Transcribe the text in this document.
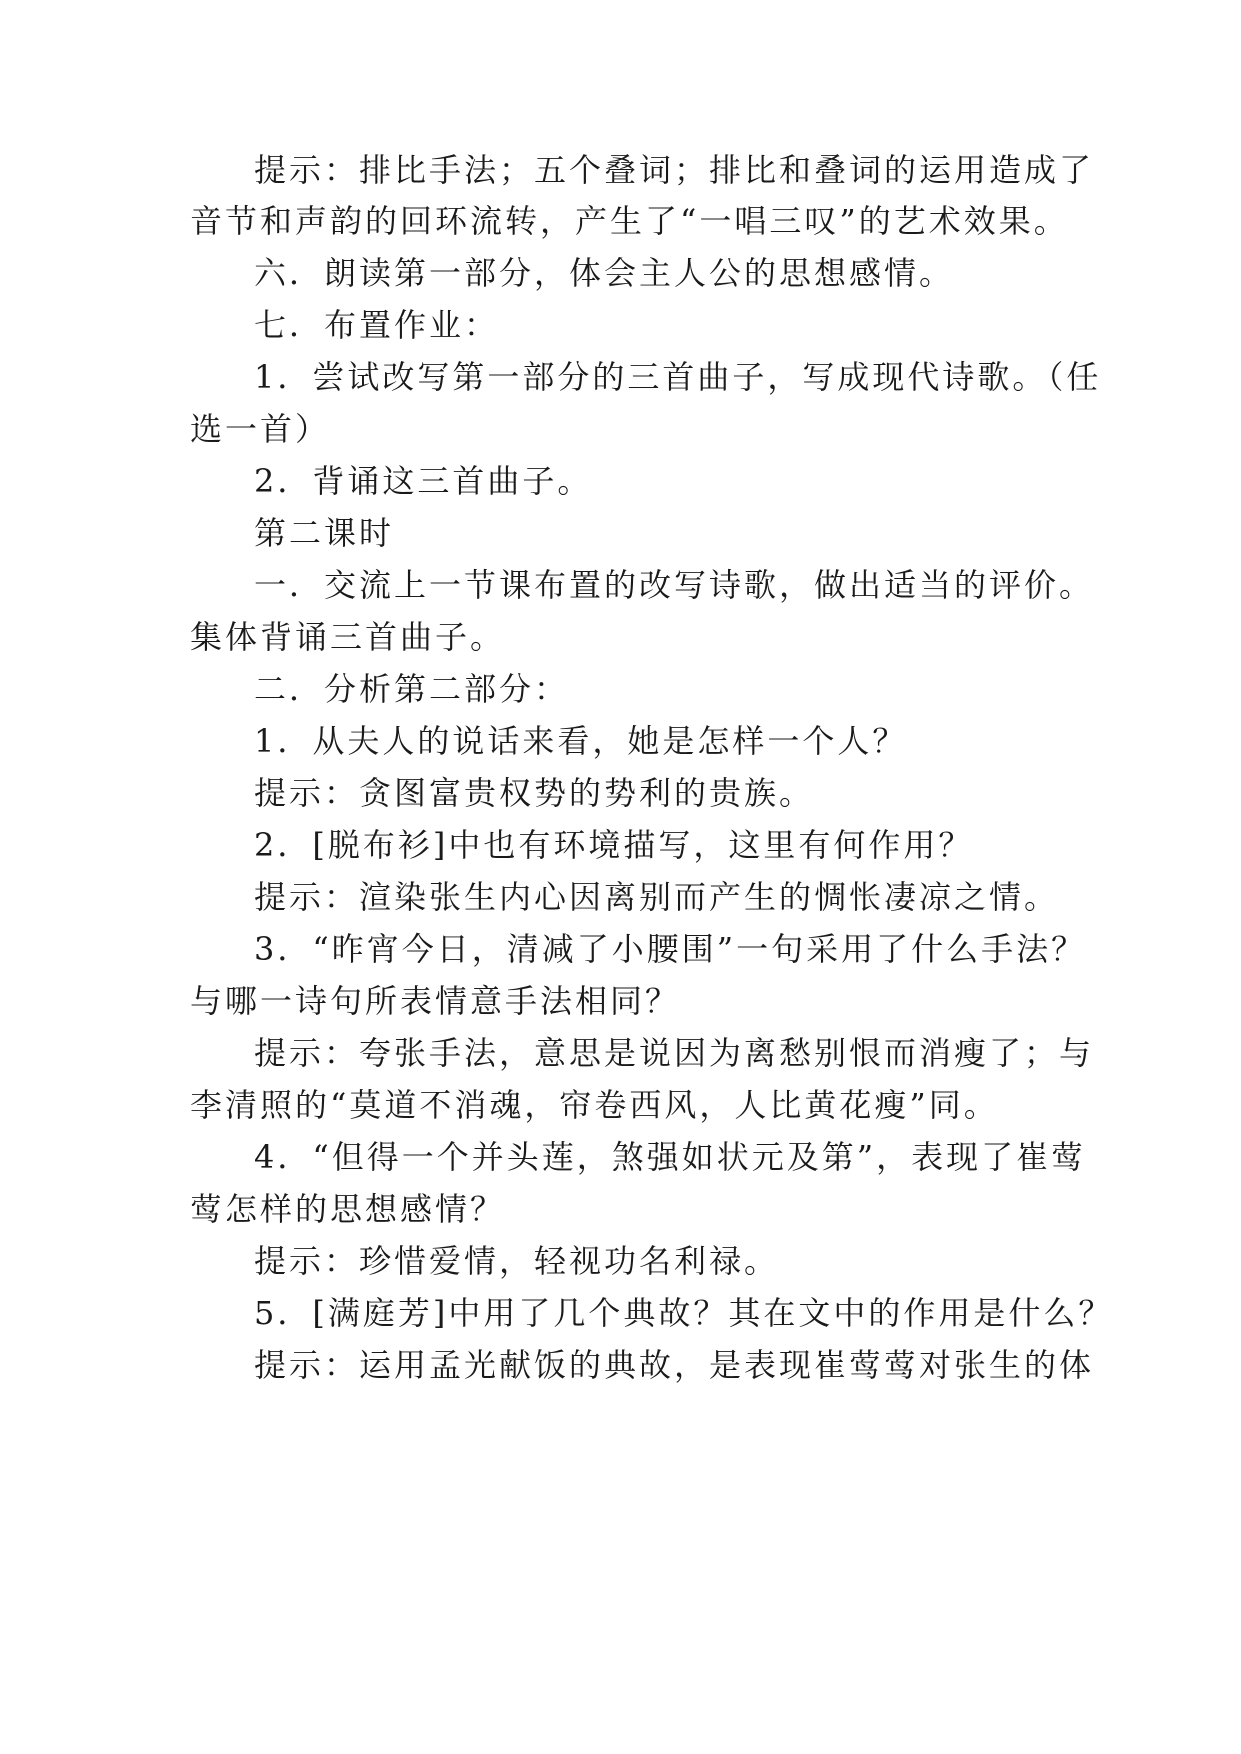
提示：排比手法；五个叠词；排比和叠词的运用造成了
音节和声韵的回环流转，产生了“一唱三叹”的艺术效果。
六．朗读第一部分，体会主人公的思想感情。
七．布置作业：
1．尝试改写第一部分的三首曲子，写成现代诗歌。（任
选一首）
2．背诵这三首曲子。
第二课时
一．交流上一节课布置的改写诗歌，做出适当的评价。
集体背诵三首曲子。
二．分析第二部分：
1．从夫人的说话来看，她是怎样一个人？
提示：贪图富贵权势的势利的贵族。
2．[脱布衫]中也有环境描写，这里有何作用？
提示：渲染张生内心因离别而产生的惆怅凄凉之情。
3．“昨宵今日，清减了小腰围”一句采用了什么手法？
与哪一诗句所表情意手法相同？
提示：夸张手法，意思是说因为离愁别恨而消瘦了；与
李清照的“莫道不消魂，帘卷西风，人比黄花瘦”同。
4．“但得一个并头莲，煞强如状元及第”，表现了崔莺
莺怎样的思想感情？
提示：珍惜爱情，轻视功名利禄。
5．[满庭芳]中用了几个典故？其在文中的作用是什么？
提示：运用孟光献饭的典故，是表现崔莺莺对张生的体
